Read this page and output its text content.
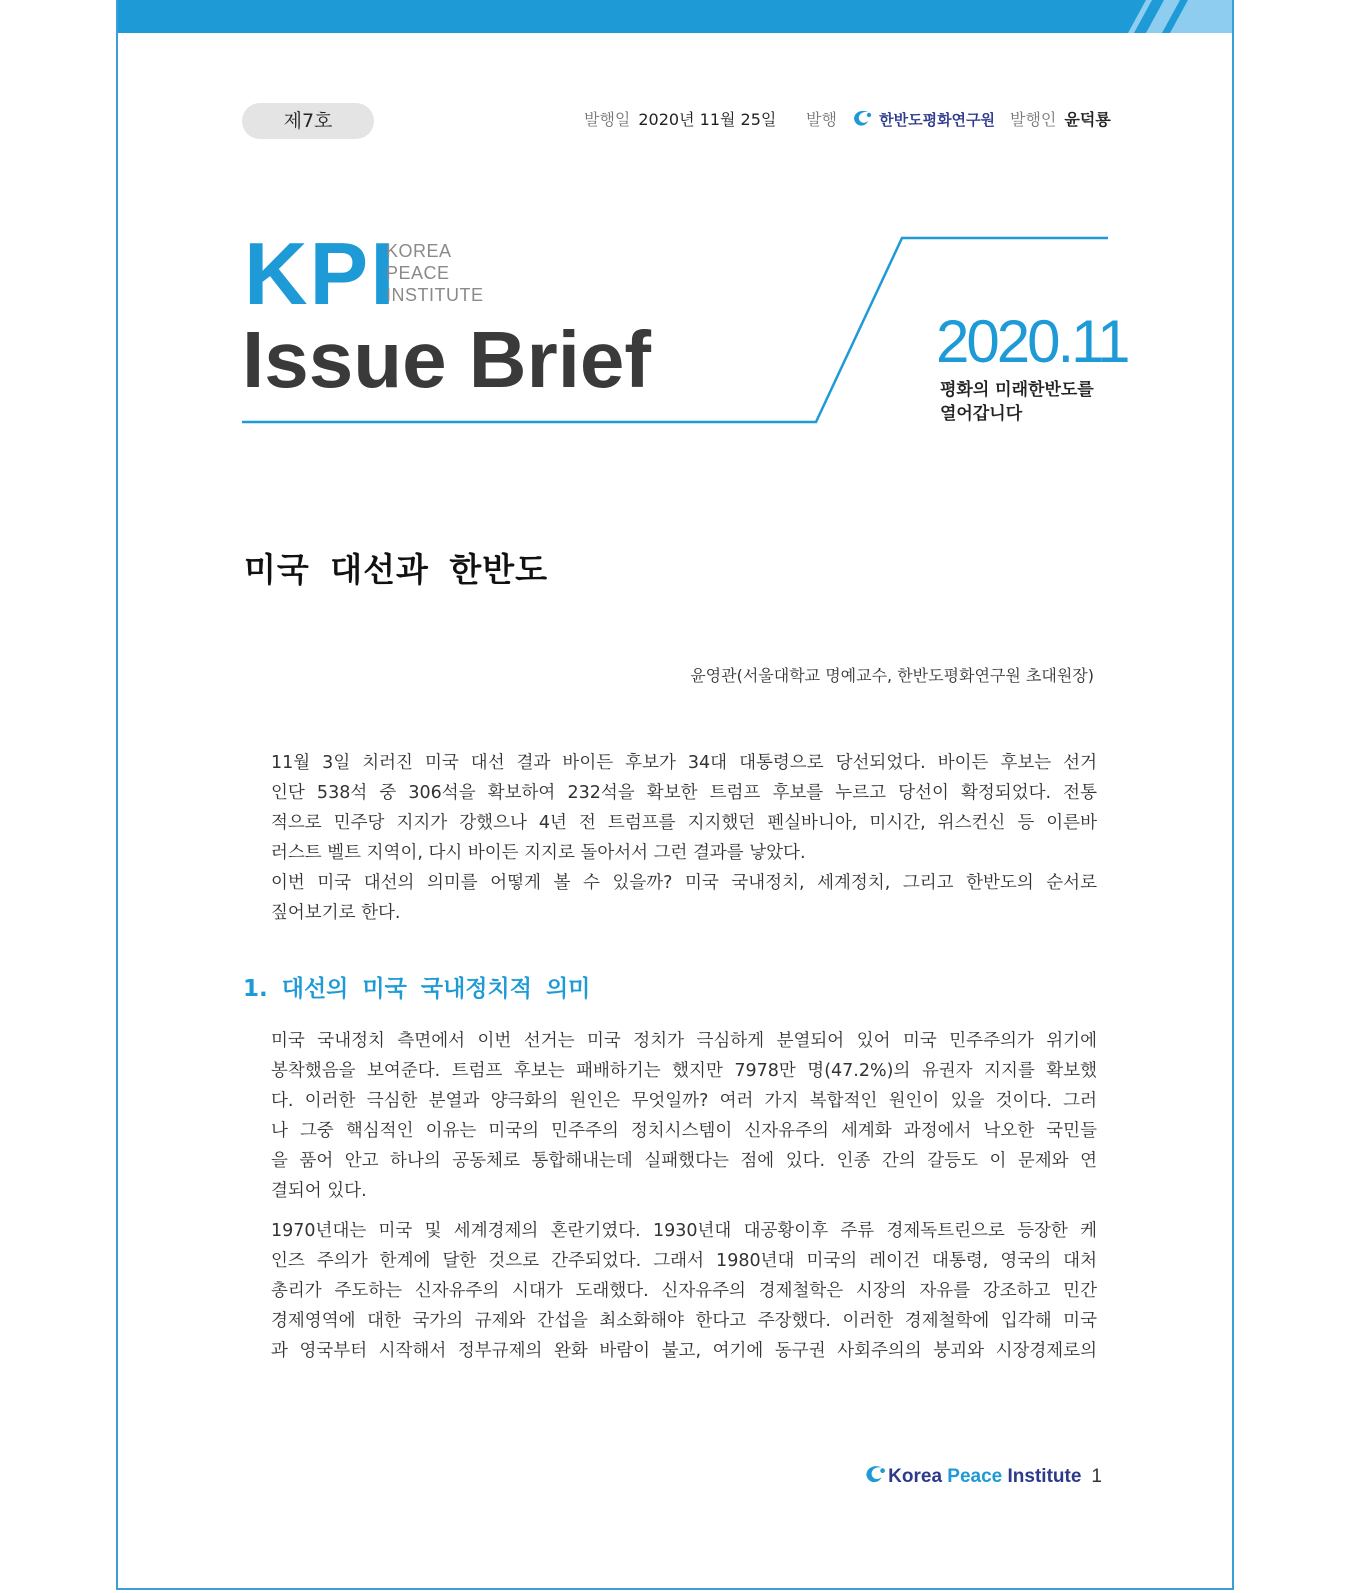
제7호	발행일 2020년 11월 25일 발행	한반도평화연구원 발행인 윤덕룡
KPI
KOREA
PEACE
INSTITUTE
Issue Brief	2020.11
평화의 미래한반도를
열어갑니다
미국 대선과 한반도
윤영관(서울대학교 명예교수, 한반도평화연구원 초대원장)
11월 3일 치러진 미국 대선 결과 바이든 후보가 34대 대통령으로 당선되었다. 바이든 후보는 선거
인단 538석 중 306석을 확보하여 232석을 확보한 트럼프 후보를 누르고 당선이 확정되었다. 전통
적으로 민주당 지지가 강했으나 4년 전 트럼프를 지지했던 펜실바니아, 미시간, 위스컨신 등 이른바
러스트 벨트 지역이, 다시 바이든 지지로 돌아서서 그런 결과를 낳았다.
이번 미국 대선의 의미를 어떻게 볼 수 있을까? 미국 국내정치, 세계정치, 그리고 한반도의 순서로
짚어보기로 한다.
1. 대선의 미국 국내정치적 의미
미국 국내정치 측면에서 이번 선거는 미국 정치가 극심하게 분열되어 있어 미국 민주주의가 위기에
봉착했음을 보여준다. 트럼프 후보는 패배하기는 했지만 7978만 명(47.2%)의 유권자 지지를 확보했
다. 이러한 극심한 분열과 양극화의 원인은 무엇일까? 여러 가지 복합적인 원인이 있을 것이다. 그러
나 그중 핵심적인 이유는 미국의 민주주의 정치시스템이 신자유주의 세계화 과정에서 낙오한 국민들
을 품어 안고 하나의 공동체로 통합해내는데 실패했다는 점에 있다. 인종 간의 갈등도 이 문제와 연
결되어 있다.
1970년대는 미국 및 세계경제의 혼란기였다. 1930년대 대공황이후 주류 경제독트린으로 등장한 케
인즈 주의가 한계에 달한 것으로 간주되었다. 그래서 1980년대 미국의 레이건 대통령, 영국의 대처
총리가 주도하는 신자유주의 시대가 도래했다. 신자유주의 경제철학은 시장의 자유를 강조하고 민간
경제영역에 대한 국가의 규제와 간섭을 최소화해야 한다고 주장했다. 이러한 경제철학에 입각해 미국
과 영국부터 시작해서 정부규제의 완화 바람이 불고, 여기에 동구권 사회주의의 붕괴와 시장경제로의
Korea Peace Institute 1
